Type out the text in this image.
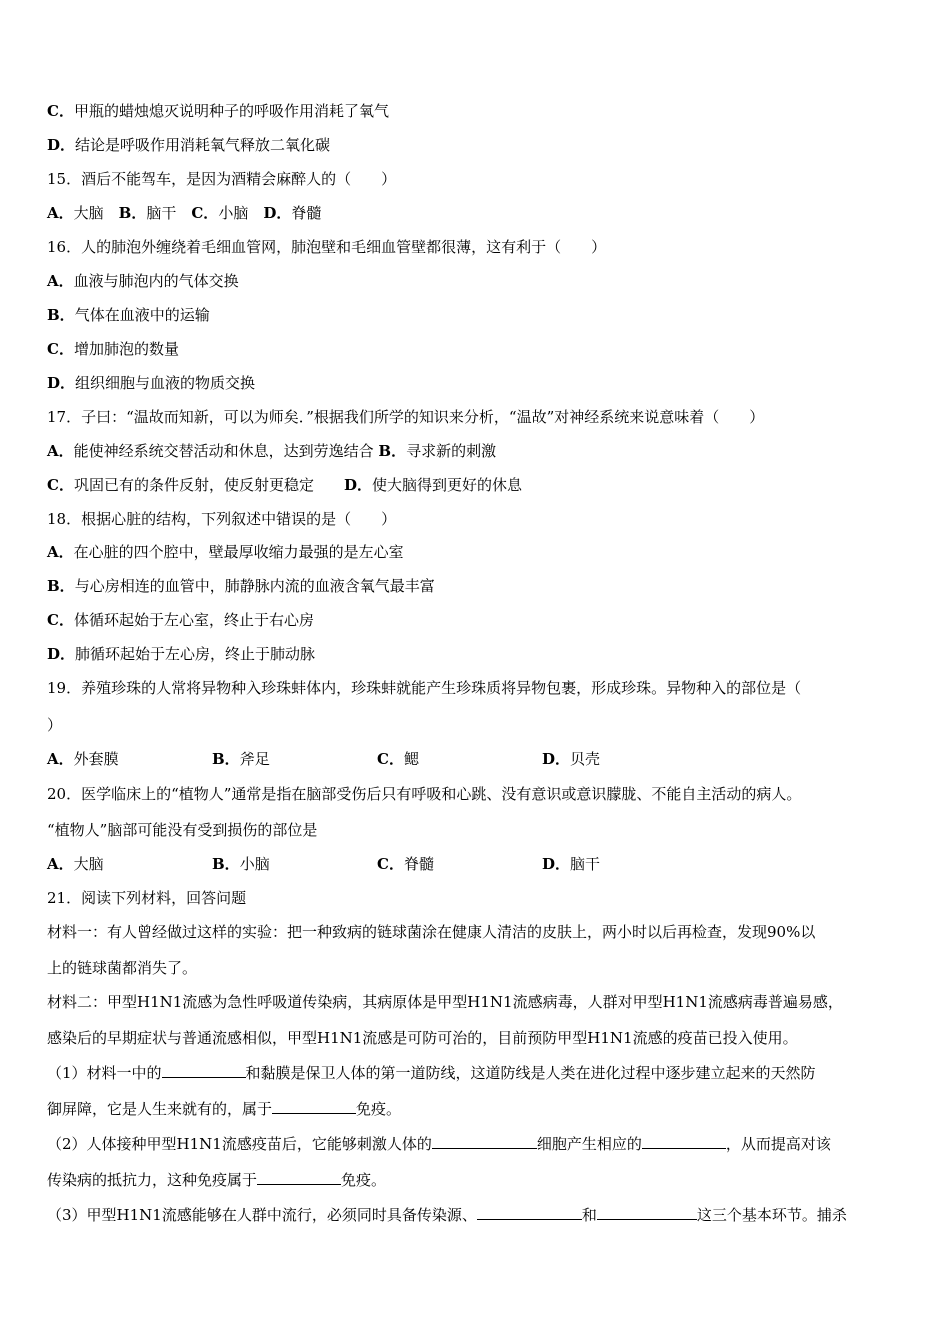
C．甲瓶的蜡烛熄灭说明种子的呼吸作用消耗了氧气
D．结论是呼吸作用消耗氧气释放二氧化碳
15．酒后不能驾车，是因为酒精会麻醉人的（　　）
A．大脑　B．脑干　C．小脑　D．脊髓
16．人的肺泡外缠绕着毛细血管网，肺泡壁和毛细血管壁都很薄，这有利于（　　）
A．血液与肺泡内的气体交换
B．气体在血液中的运输
C．增加肺泡的数量
D．组织细胞与血液的物质交换
17．子曰：“温故而知新，可以为师矣．”根据我们所学的知识来分析，“温故”对神经系统来说意味着（　　）
A．能使神经系统交替活动和休息，达到劳逸结合 B．寻求新的刺激
C．巩固已有的条件反射，使反射更稳定　　D．使大脑得到更好的休息
18．根据心脏的结构，下列叙述中错误的是（　　）
A．在心脏的四个腔中，壁最厚收缩力最强的是左心室
B．与心房相连的血管中，肺静脉内流的血液含氧气最丰富
C．体循环起始于左心室，终止于右心房
D．肺循环起始于左心房，终止于肺动脉
19．养殖珍珠的人常将异物种入珍珠蚌体内，珍珠蚌就能产生珍珠质将异物包裹，形成珍珠。异物种入的部位是（
）
A．外套膜	B．斧足	C．鳃	D．贝壳
20．医学临床上的“植物人”通常是指在脑部受伤后只有呼吸和心跳、没有意识或意识朦胧、不能自主活动的病人。
“植物人”脑部可能没有受到损伤的部位是
A．大脑	B．小脑	C．脊髓	D．脑干
21．阅读下列材料，回答问题
材料一：有人曾经做过这样的实验：把一种致病的链球菌涂在健康人清洁的皮肤上，两小时以后再检查，发现90%以
上的链球菌都消失了。
材料二：甲型H1N1流感为急性呼吸道传染病，其病原体是甲型H1N1流感病毒，人群对甲型H1N1流感病毒普遍易感，
感染后的早期症状与普通流感相似，甲型H1N1流感是可防可治的，目前预防甲型H1N1流感的疫苗已投入使用。
（1）材料一中的	和黏膜是保卫人体的第一道防线，这道防线是人类在进化过程中逐步建立起来的天然防
御屏障，它是人生来就有的，属于	免疫。
（2）人体接种甲型H1N1流感疫苗后，它能够刺激人体的	细胞产生相应的	，从而提高对该
传染病的抵抗力，这种免疫属于	免疫。
（3）甲型H1N1流感能够在人群中流行，必须同时具备传染源、	和	这三个基本环节。捕杀
